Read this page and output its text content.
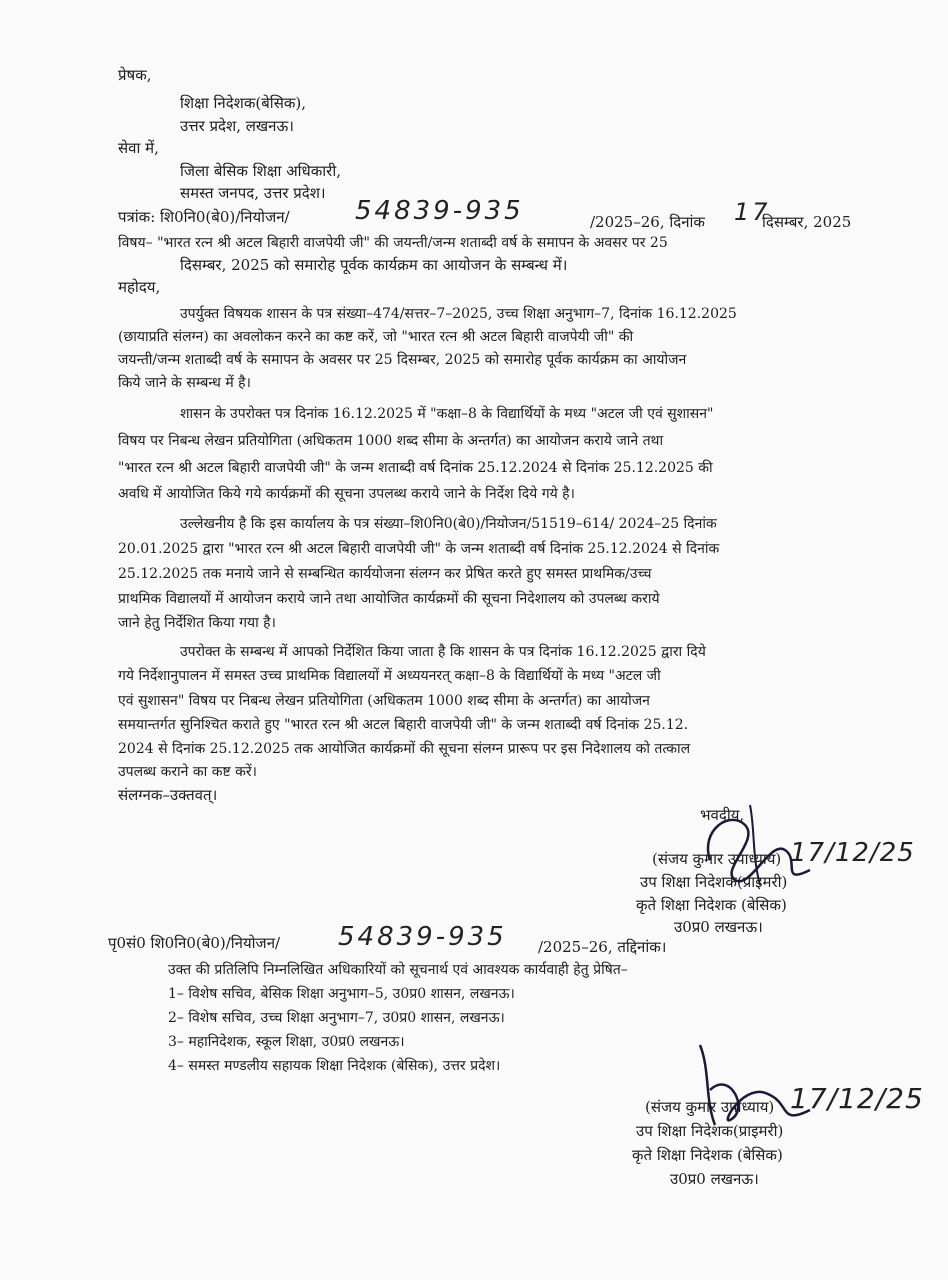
प्रेषक,
शिक्षा निदेशक(बेसिक),
उत्तर प्रदेश, लखनऊ।
सेवा में,
जिला बेसिक शिक्षा अधिकारी,
समस्त जनपद, उत्तर प्रदेश।
पत्रांक: शि0नि0(बे0)/नियोजन/	54839-935	/2025–26, दिनांक 17
दिसम्बर, 2025
विषय– "भारत रत्न श्री अटल बिहारी वाजपेयी जी" की जयन्ती/जन्म शताब्दी वर्ष के समापन के अवसर पर 25
दिसम्बर, 2025 को समारोह पूर्वक कार्यक्रम का आयोजन के सम्बन्ध में।
महोदय,
उपर्युक्त विषयक शासन के पत्र संख्या–474/सत्तर–7–2025, उच्च शिक्षा अनुभाग–7, दिनांक 16.12.2025
(छायाप्रति संलग्न) का अवलोकन करने का कष्ट करें, जो "भारत रत्न श्री अटल बिहारी वाजपेयी जी" की
जयन्ती/जन्म शताब्दी वर्ष के समापन के अवसर पर 25 दिसम्बर, 2025 को समारोह पूर्वक कार्यक्रम का आयोजन
किये जाने के सम्बन्ध में है।
शासन के उपरोक्त पत्र दिनांक 16.12.2025 में "कक्षा–8 के विद्यार्थियों के मध्य "अटल जी एवं सुशासन"
विषय पर निबन्ध लेखन प्रतियोगिता (अधिकतम 1000 शब्द सीमा के अन्तर्गत) का आयोजन कराये जाने तथा
"भारत रत्न श्री अटल बिहारी वाजपेयी जी" के जन्म शताब्दी वर्ष दिनांक 25.12.2024 से दिनांक 25.12.2025 की
अवधि में आयोजित किये गये कार्यक्रमों की सूचना उपलब्ध कराये जाने के निर्देश दिये गये है।
उल्लेखनीय है कि इस कार्यालय के पत्र संख्या–शि0नि0(बे0)/नियोजन/51519–614/ 2024–25 दिनांक
20.01.2025 द्वारा "भारत रत्न श्री अटल बिहारी वाजपेयी जी" के जन्म शताब्दी वर्ष दिनांक 25.12.2024 से दिनांक
25.12.2025 तक मनाये जाने से सम्बन्धित कार्ययोजना संलग्न कर प्रेषित करते हुए समस्त प्राथमिक/उच्च
प्राथमिक विद्यालयों में आयोजन कराये जाने तथा आयोजित कार्यक्रमों की सूचना निदेशालय को उपलब्ध कराये
जाने हेतु निर्देशित किया गया है।
उपरोक्त के सम्बन्ध में आपको निर्देशित किया जाता है कि शासन के पत्र दिनांक 16.12.2025 द्वारा दिये
गये निर्देशानुपालन में समस्त उच्च प्राथमिक विद्यालयों में अध्ययनरत् कक्षा–8 के विद्यार्थियों के मध्य "अटल जी
एवं सुशासन" विषय पर निबन्ध लेखन प्रतियोगिता (अधिकतम 1000 शब्द सीमा के अन्तर्गत) का आयोजन
समयान्तर्गत सुनिश्चित कराते हुए "भारत रत्न श्री अटल बिहारी वाजपेयी जी" के जन्म शताब्दी वर्ष दिनांक 25.12.
2024 से दिनांक 25.12.2025 तक आयोजित कार्यक्रमों की सूचना संलग्न प्रारूप पर इस निदेशालय को तत्काल
उपलब्ध कराने का कष्ट करें।
संलग्नक–उक्तवत्।
भवदीय,
(संजय कुमार उपाध्याय) 17/12/25
उप शिक्षा निदेशक(प्राइमरी)
कृते शिक्षा निदेशक (बेसिक)
उ0प्र0 लखनऊ।
पृ0सं0 शि0नि0(बे0)/नियोजन/ 54839-935 /2025–26, तद्दिनांक।
उक्त की प्रतिलिपि निम्नलिखित अधिकारियों को सूचनार्थ एवं आवश्यक कार्यवाही हेतु प्रेषित–
1– विशेष सचिव, बेसिक शिक्षा अनुभाग–5, उ0प्र0 शासन, लखनऊ।
2– विशेष सचिव, उच्च शिक्षा अनुभाग–7, उ0प्र0 शासन, लखनऊ।
3– महानिदेशक, स्कूल शिक्षा, उ0प्र0 लखनऊ।
4– समस्त मण्डलीय सहायक शिक्षा निदेशक (बेसिक), उत्तर प्रदेश।
(संजय कुमार उपाध्याय) 17/12/25
उप शिक्षा निदेशक(प्राइमरी)
कृते शिक्षा निदेशक (बेसिक)
उ0प्र0 लखनऊ।
